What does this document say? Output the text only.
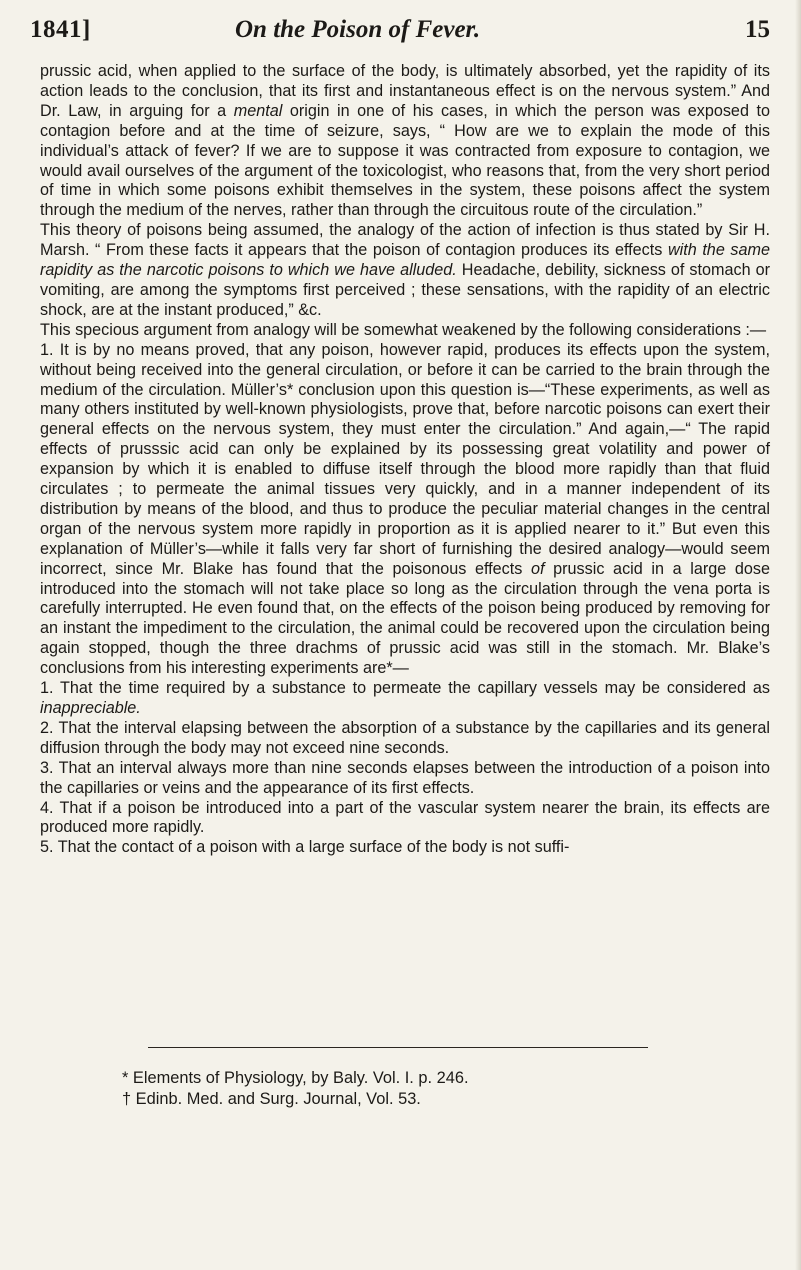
1841]	On the Poison of Fever.	15

prussic acid, when applied to the surface of the body, is ultimately absorbed, yet the rapidity of its action leads to the conclusion, that its first and instantaneous effect is on the nervous system.” And Dr. Law, in arguing for a mental origin in one of his cases, in which the person was exposed to contagion before and at the time of seizure, says, “ How are we to explain the mode of this individual’s attack of fever? If we are to suppose it was contracted from exposure to contagion, we would avail ourselves of the argument of the toxicologist, who reasons that, from the very short period of time in which some poisons exhibit themselves in the system, these poisons affect the system through the medium of the nerves, rather than through the circuitous route of the circulation.”

This theory of poisons being assumed, the analogy of the action of infection is thus stated by Sir H. Marsh. “ From these facts it appears that the poison of contagion produces its effects with the same rapidity as the narcotic poisons to which we have alluded. Headache, debility, sickness of stomach or vomiting, are among the symptoms first perceived ; these sensations, with the rapidity of an electric shock, are at the instant produced,” &c.

This specious argument from analogy will be somewhat weakened by the following considerations :—

1. It is by no means proved, that any poison, however rapid, produces its effects upon the system, without being received into the general circulation, or before it can be carried to the brain through the medium of the circulation. Müller’s* conclusion upon this question is—“These experiments, as well as many others instituted by well-known physiologists, prove that, before narcotic poisons can exert their general effects on the nervous system, they must enter the circulation.” And again,—“ The rapid effects of prusssic acid can only be explained by its possessing great volatility and power of expansion by which it is enabled to diffuse itself through the blood more rapidly than that fluid circulates ; to permeate the animal tissues very quickly, and in a manner independent of its distribution by means of the blood, and thus to produce the peculiar material changes in the central organ of the nervous system more rapidly in proportion as it is applied nearer to it.” But even this explanation of Müller’s—while it falls very far short of furnishing the desired analogy—would seem incorrect, since Mr. Blake has found that the poisonous effects of prussic acid in a large dose introduced into the stomach will not take place so long as the circulation through the vena porta is carefully interrupted. He even found that, on the effects of the poison being produced by removing for an instant the impediment to the circulation, the animal could be recovered upon the circulation being again stopped, though the three drachms of prussic acid was still in the stomach. Mr. Blake’s conclusions from his interesting experiments are*—

1. That the time required by a substance to permeate the capillary vessels may be considered as inappreciable.

2. That the interval elapsing between the absorption of a substance by the capillaries and its general diffusion through the body may not exceed nine seconds.

3. That an interval always more than nine seconds elapses between the introduction of a poison into the capillaries or veins and the appearance of its first effects.

4. That if a poison be introduced into a part of the vascular system nearer the brain, its effects are produced more rapidly.

5. That the contact of a poison with a large surface of the body is not suffi-

* Elements of Physiology, by Baly. Vol. I. p. 246.
† Edinb. Med. and Surg. Journal, Vol. 53.
